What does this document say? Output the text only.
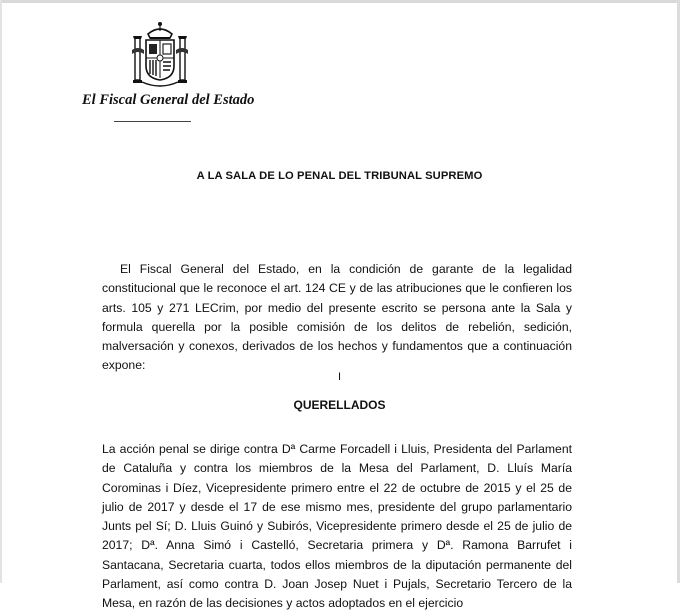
El Fiscal General del Estado

A LA SALA DE LO PENAL DEL TRIBUNAL SUPREMO

El Fiscal General del Estado, en la condición de garante de la legalidad constitucional que le reconoce el art. 124 CE y de las atribuciones que le confieren los arts. 105 y 271 LECrim, por medio del presente escrito se persona ante la Sala y formula querella por la posible comisión de los delitos de rebelión, sedición, malversación y conexos, derivados de los hechos y fundamentos que a continuación expone:

I

QUERELLADOS

La acción penal se dirige contra Dª Carme Forcadell i Lluis, Presidenta del Parlament de Cataluña y contra los miembros de la Mesa del Parlament, D. Lluís María Corominas i Díez, Vicepresidente primero entre el 22 de octubre de 2015 y el 25 de julio de 2017 y desde el 17 de ese mismo mes, presidente del grupo parlamentario Junts pel Sí; D. Lluis Guinó y Subirós, Vicepresidente primero desde el 25 de julio de 2017; Dª. Anna Simó i Castelló, Secretaria primera y Dª. Ramona Barrufet i Santacana, Secretaria cuarta, todos ellos miembros de la diputación permanente del Parlament, así como contra D. Joan Josep Nuet i Pujals, Secretario Tercero de la Mesa, en razón de las decisiones y actos adoptados en el ejercicio
